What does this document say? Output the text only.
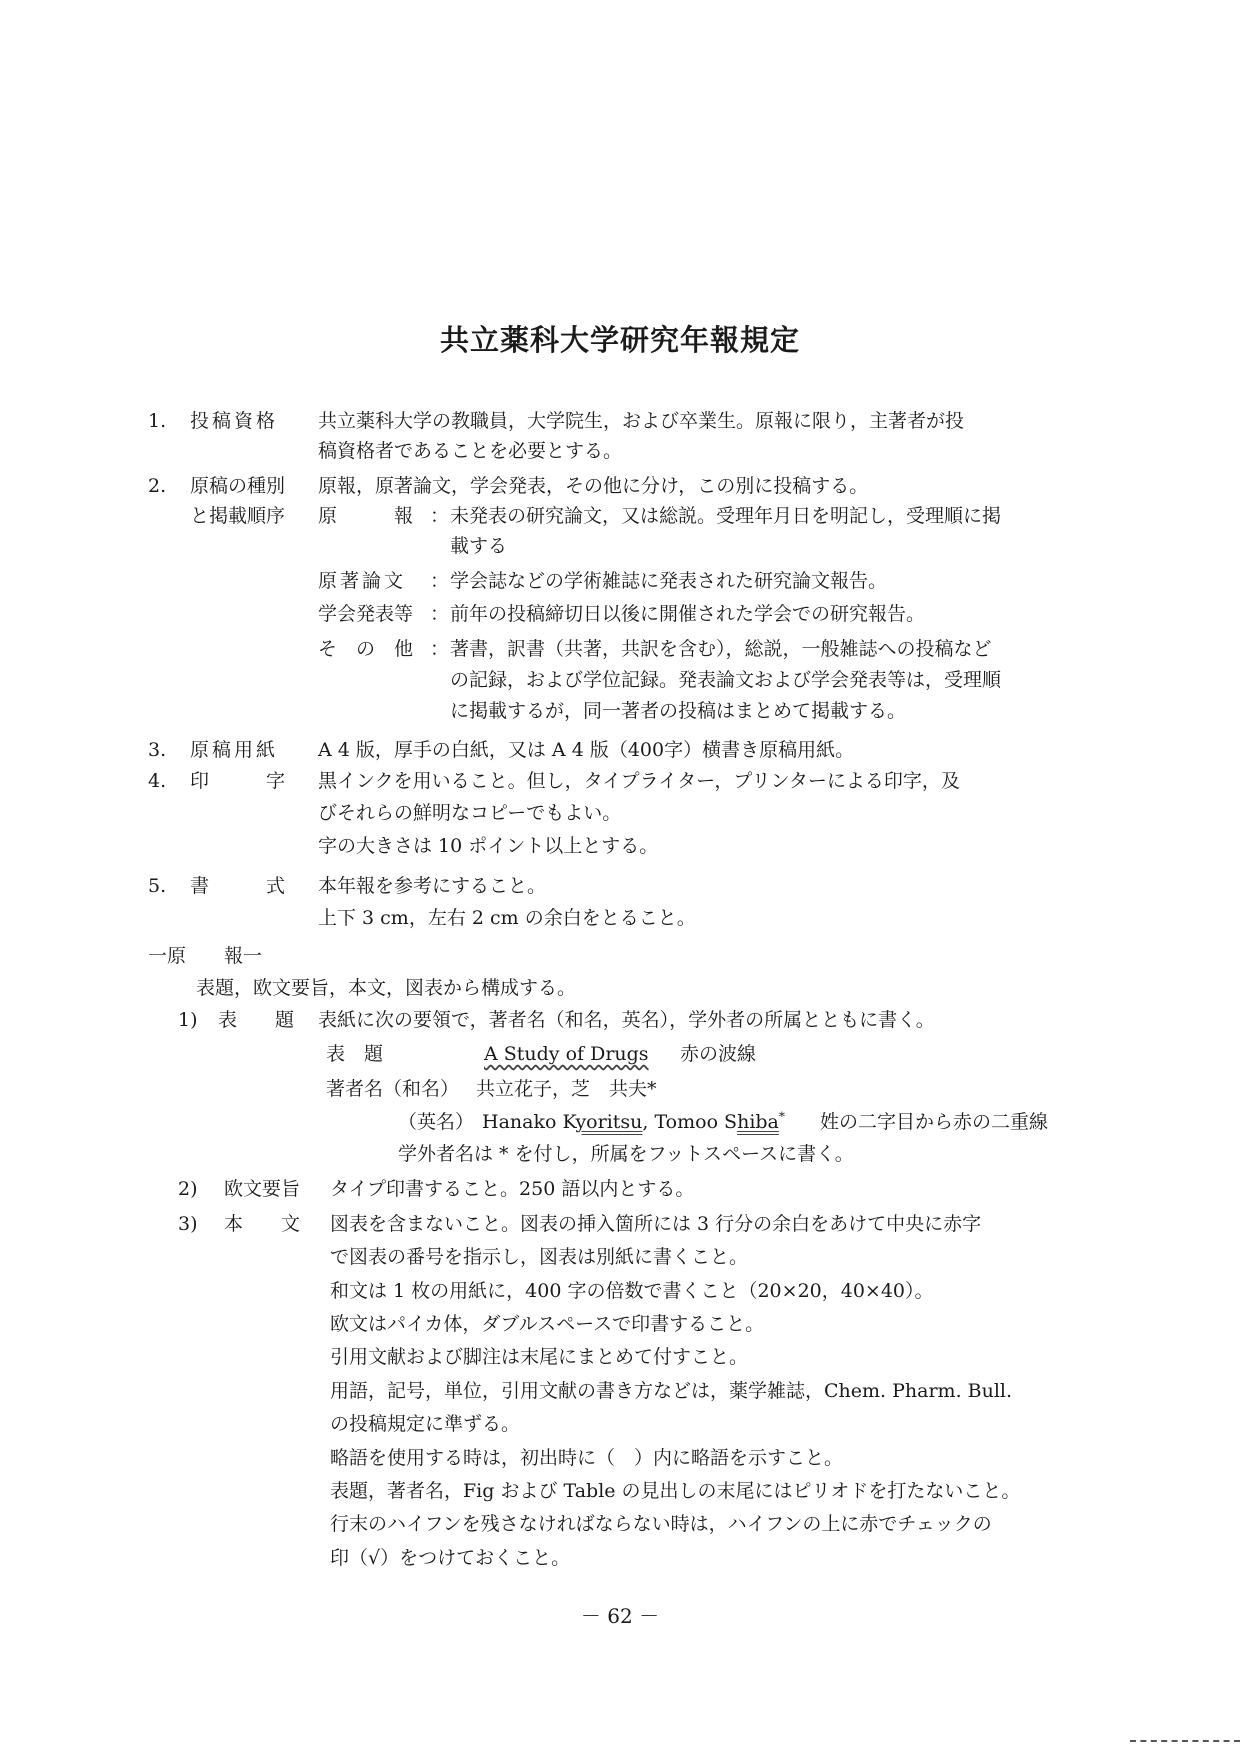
共立薬科大学研究年報規定
1. 投稿資格 共立薬科大学の教職員，大学院生，および卒業生。原報に限り，主著者が投
稿資格者であることを必要とする。
2. 原稿の種別
と掲載順序
原報，原著論文，学会発表，その他に分け，この別に投稿する。
原　　　報 ： 未発表の研究論文，又は総説。受理年月日を明記し，受理順に掲
載する
原著論文 ： 学会誌などの学術雑誌に発表された研究論文報告。
学会発表等 ： 前年の投稿締切日以後に開催された学会での研究報告。
そ　の　他 ： 著書，訳書（共著，共訳を含む），総説，一般雑誌への投稿など
の記録，および学位記録。発表論文および学会発表等は，受理順
に掲載するが，同一著者の投稿はまとめて掲載する。
3. 原稿用紙 A 4 版，厚手の白紙，又は A 4 版（400字）横書き原稿用紙。
4. 印　　　字 黒インクを用いること。但し，タイプライター，プリンターによる印字，及
びそれらの鮮明なコピーでもよい。
字の大きさは 10 ポイント以上とする。
5. 書　　　式 本年報を参考にすること。
上下 3 cm，左右 2 cm の余白をとること。
一原　　報一
表題，欧文要旨，本文，図表から構成する。
1) 表　　題 表紙に次の要領で，著者名（和名，英名），学外者の所属とともに書く。
表　題	A Study of Drugs 赤の波線
著者名（和名） 共立花子，芝　共夫*
（英名） Hanako Kyoritsu, Tomoo Shiba* 姓の二字目から赤の二重線
学外者名は * を付し，所属をフットスペースに書く。
2) 欧文要旨 タイプ印書すること。250 語以内とする。
3) 本　　文 図表を含まないこと。図表の挿入箇所には 3 行分の余白をあけて中央に赤字
で図表の番号を指示し，図表は別紙に書くこと。
和文は 1 枚の用紙に，400 字の倍数で書くこと（20×20，40×40）。
欧文はパイカ体，ダブルスペースで印書すること。
引用文献および脚注は末尾にまとめて付すこと。
用語，記号，単位，引用文献の書き方などは，薬学雑誌，Chem. Pharm. Bull.
の投稿規定に準ずる。
略語を使用する時は，初出時に（　）内に略語を示すこと。
表題，著者名，Fig および Table の見出しの末尾にはピリオドを打たないこと。
行末のハイフンを残さなければならない時は，ハイフンの上に赤でチェックの
印（√）をつけておくこと。
－ 62 －
